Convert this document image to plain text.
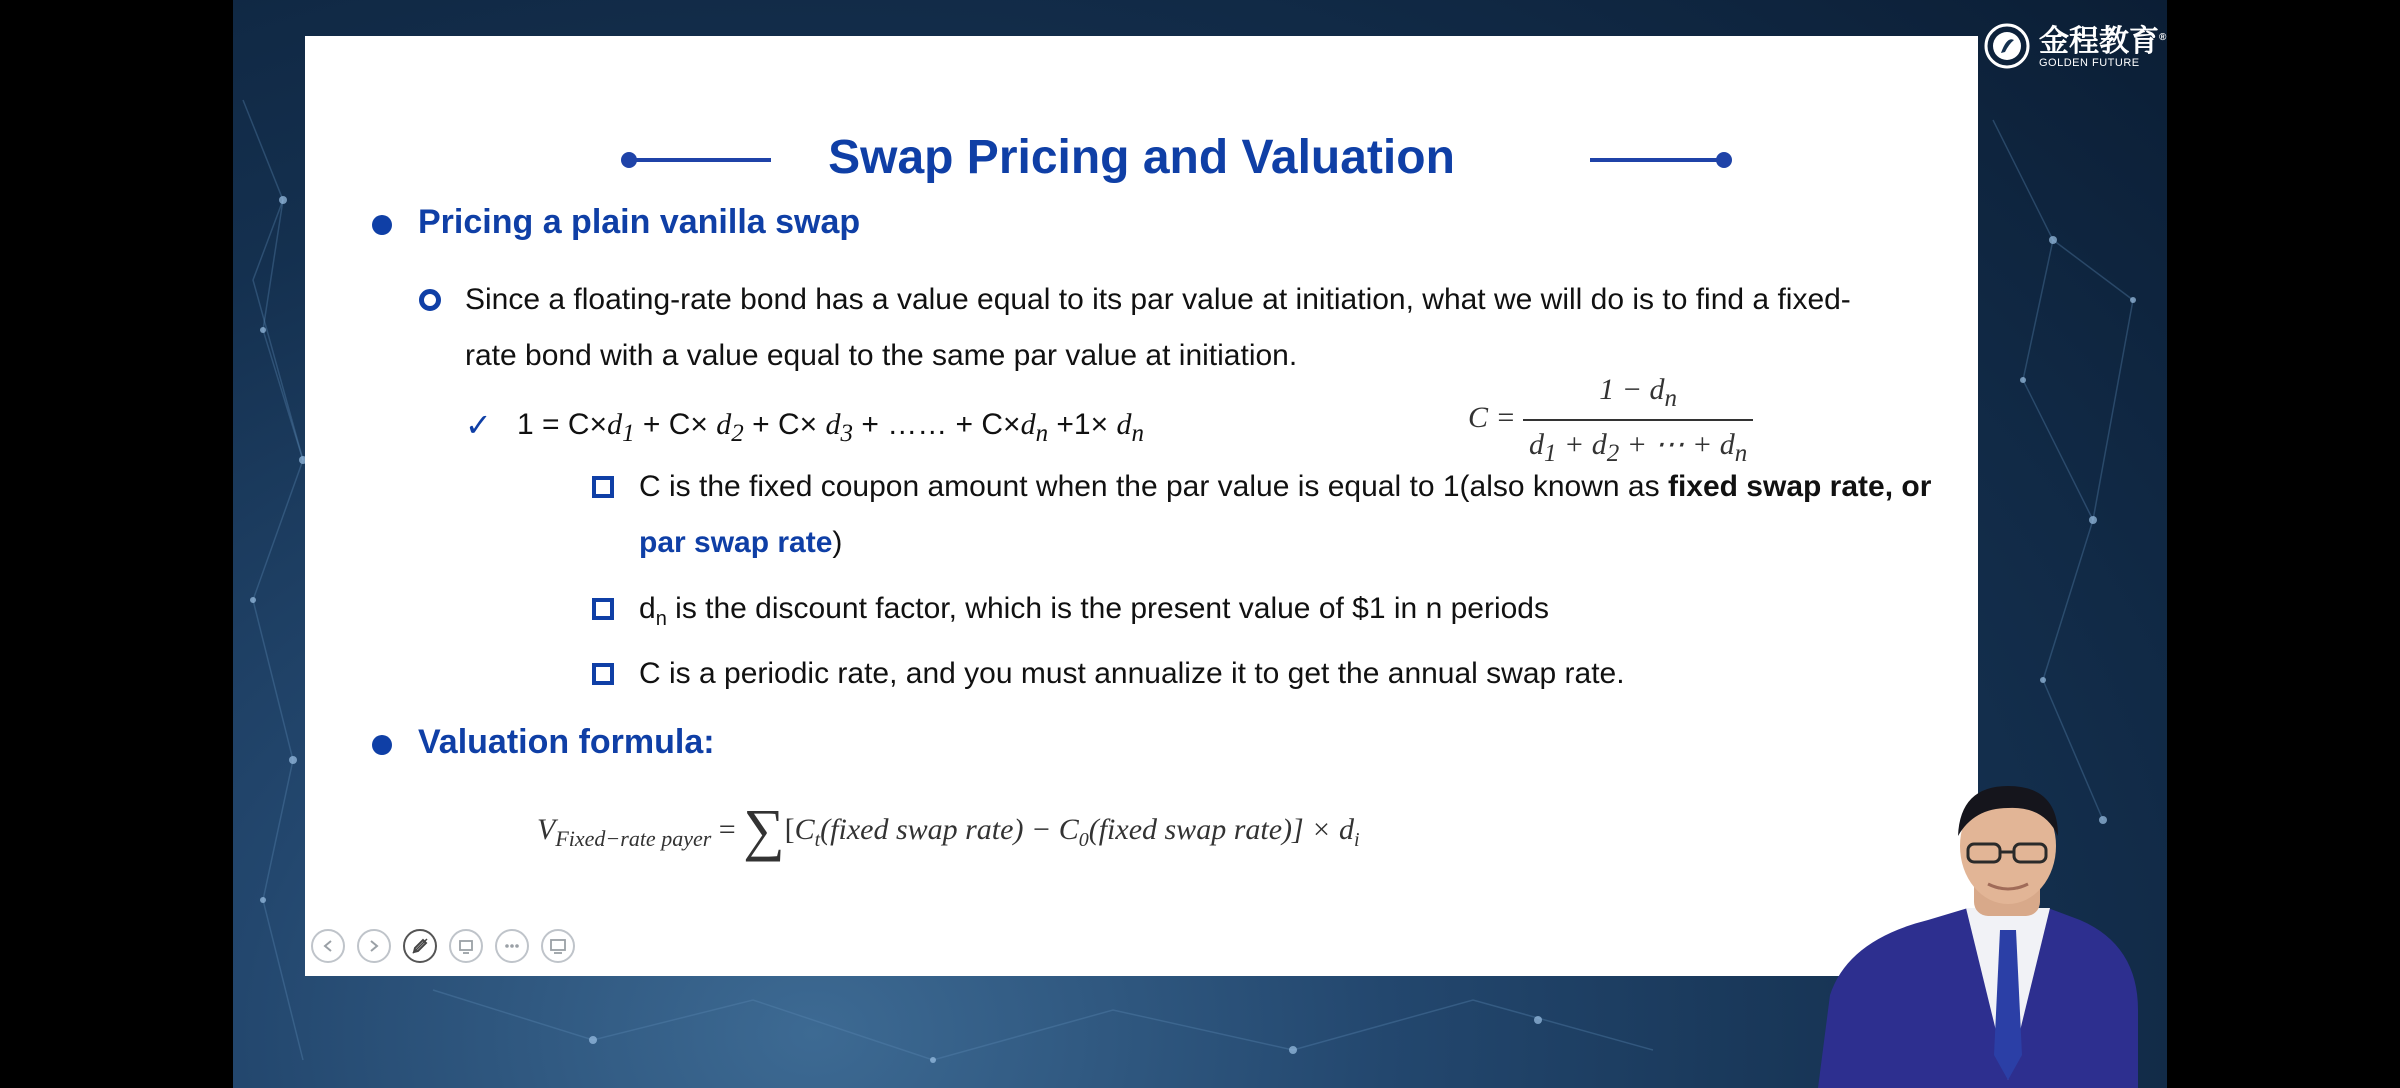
金程教育®
GOLDEN FUTURE
Swap Pricing and Valuation
Pricing a plain vanilla swap
Since a floating-rate bond has a value equal to its par value at initiation, what we will do is to find a fixed-
rate bond with a value equal to the same par value at initiation.
✓ $1 = C\times d_1 + C\times d_2 + C\times d_3$ + …… + $C\times d_n +1\times d_n$	$C = \frac{1 - d_n}{d_1 + d_2 + \cdots + d_n}$
C is the fixed coupon amount when the par value is equal to 1(also known as fixed swap rate, or
par swap rate)
$d_n$ is the discount factor, which is the present value of $1 in n periods
C is a periodic rate, and you must annualize it to get the annual swap rate.
Valuation formula:
$V_{Fixed-rate payer}$ = $\sum[C_t(fixed$ swap rate) − $C_0(fixed$ swap rate)] × $d_i$
